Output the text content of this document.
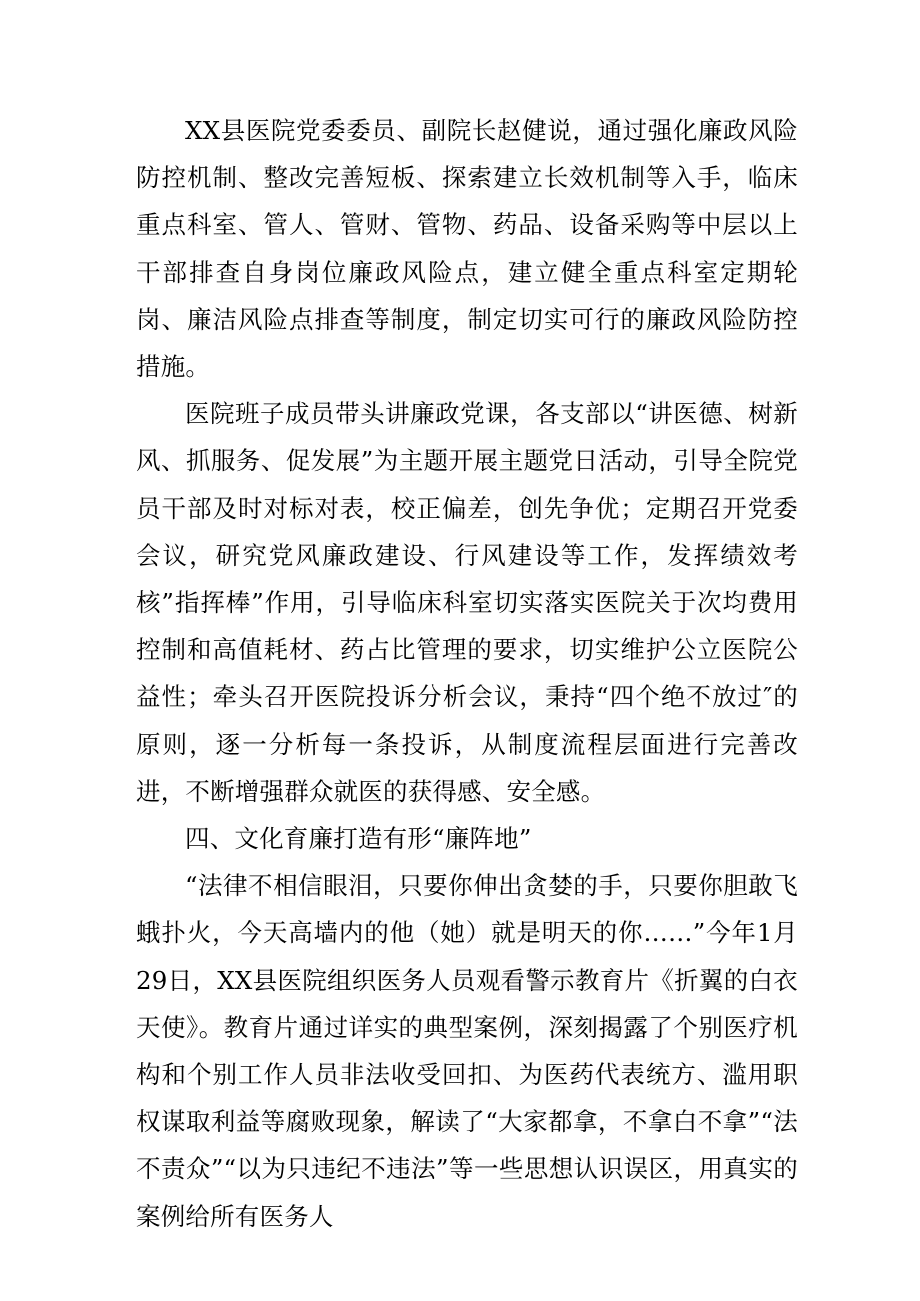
XX县医院党委委员、副院长赵健说，通过强化廉政风险防控机制、整改完善短板、探索建立长效机制等入手，临床重点科室、管人、管财、管物、药品、设备采购等中层以上干部排查自身岗位廉政风险点，建立健全重点科室定期轮岗、廉洁风险点排查等制度，制定切实可行的廉政风险防控措施。

医院班子成员带头讲廉政党课，各支部以“讲医德、树新风、抓服务、促发展”为主题开展主题党日活动，引导全院党员干部及时对标对表，校正偏差，创先争优；定期召开党委会议，研究党风廉政建设、行风建设等工作，发挥绩效考核”指挥棒”作用，引导临床科室切实落实医院关于次均费用控制和高值耗材、药占比管理的要求，切实维护公立医院公益性；牵头召开医院投诉分析会议，秉持“四个绝不放过″的原则，逐一分析每一条投诉，从制度流程层面进行完善改进，不断增强群众就医的获得感、安全感。

四、文化育廉打造有形“廉阵地”

“法律不相信眼泪，只要你伸出贪婪的手，只要你胆敢飞蛾扑火，今天高墙内的他（她）就是明天的你……”今年1月29日，XX县医院组织医务人员观看警示教育片《折翼的白衣天使》。教育片通过详实的典型案例，深刻揭露了个别医疗机构和个别工作人员非法收受回扣、为医药代表统方、滥用职权谋取利益等腐败现象，解读了“大家都拿，不拿白不拿”“法不责众”“以为只违纪不违法”等一些思想认识误区，用真实的案例给所有医务人
